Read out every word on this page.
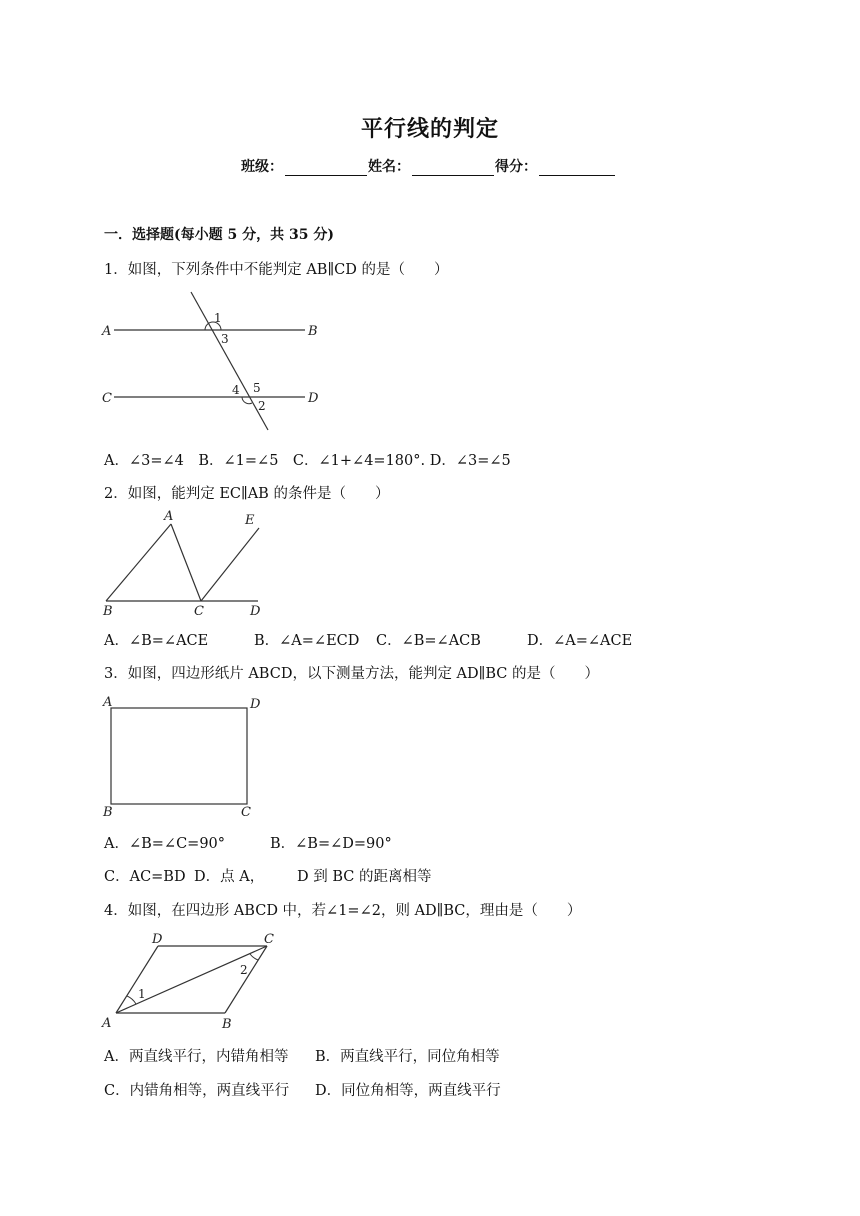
平行线的判定
班级：	姓名：	得分：
一．选择题(每小题 5 分，共 35 分)
1．如图，下列条件中不能判定 AB∥CD 的是（　　）
A	B
C	D
1
3
4 5
2
A．∠3=∠4　B．∠1=∠5　C．∠1+∠4=180°. D．∠3=∠5
2．如图，能判定 EC∥AB 的条件是（　　）
B	C	D
A	E
A．∠B=∠ACE	B．∠A=∠ECD C．∠B=∠ACB	D．∠A=∠ACE
3．如图，四边形纸片 ABCD，以下测量方法，能判定 AD∥BC 的是（　　）
A	D
B	C
A．∠B=∠C=90°	B．∠B=∠D=90°
C．AC=BD D．点 A， D 到 BC 的距离相等
4．如图，在四边形 ABCD 中，若∠1=∠2，则 AD∥BC，理由是（　　）
A	B
D	C
1
2
A．两直线平行，内错角相等 B．两直线平行，同位角相等
C．内错角相等，两直线平行 D．同位角相等，两直线平行
